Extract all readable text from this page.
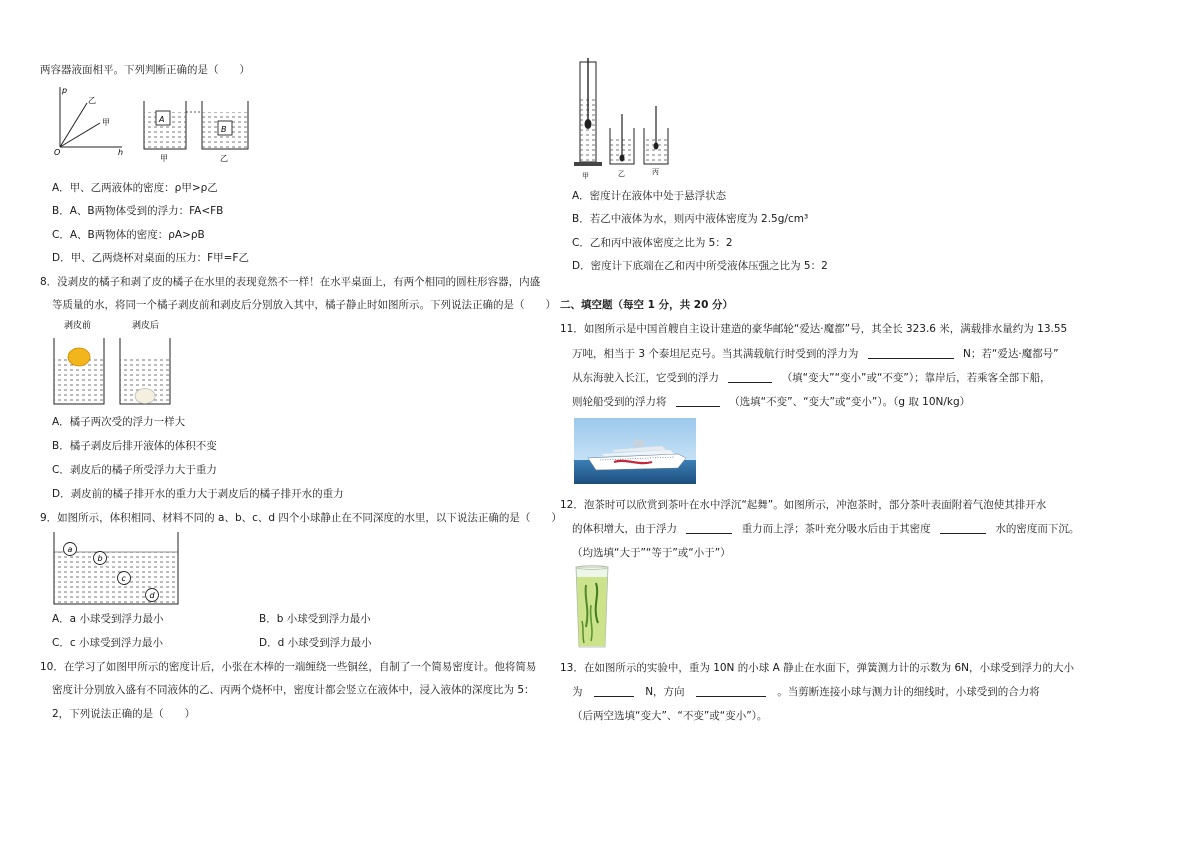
两容器液面相平。下列判断正确的是（　　）
p
O	h
乙
甲	A
甲
B
乙
A．甲、乙两液体的密度：ρ甲>ρ乙
B．A、B两物体受到的浮力：FA<FB
C．A、B两物体的密度：ρA>ρB
D．甲、乙两烧杯对桌面的压力：F甲=F乙
8．没剥皮的橘子和剥了皮的橘子在水里的表现竟然不一样！在水平桌面上，有两个相同的圆柱形容器，内盛
等质量的水，将同一个橘子剥皮前和剥皮后分别放入其中，橘子静止时如图所示。下列说法正确的是（　　）
剥皮前	剥皮后
A．橘子两次受的浮力一样大
B．橘子剥皮后排开液体的体积不变
C．剥皮后的橘子所受浮力大于重力
D．剥皮前的橘子排开水的重力大于剥皮后的橘子排开水的重力
9．如图所示，体积相同、材料不同的 a、b、c、d 四个小球静止在不同深度的水里，以下说法正确的是（　　）
a
b
c
d
A．a 小球受到浮力最小	B．b 小球受到浮力最小
C．c 小球受到浮力最小	D．d 小球受到浮力最小
10．在学习了如图甲所示的密度计后，小张在木棒的一端缠绕一些铜丝，自制了一个简易密度计。他将简易
密度计分别放入盛有不同液体的乙、丙两个烧杯中，密度计都会竖立在液体中，浸入液体的深度比为 5：
2，下列说法正确的是（　　）
甲	乙	丙
A．密度计在液体中处于悬浮状态
B．若乙中液体为水，则丙中液体密度为 2.5g/cm³
C．乙和丙中液体密度之比为 5：2
D．密度计下底端在乙和丙中所受液体压强之比为 5：2
二、填空题（每空 1 分，共 20 分）
11．如图所示是中国首艘自主设计建造的豪华邮轮“爱达·魔都”号，其全长 323.6 米，满载排水量约为 13.55
万吨，相当于 3 个泰坦尼克号。当其满载航行时受到的浮力为	N；若“爱达·魔都号”
从东海驶入长江，它受到的浮力	（填“变大”“变小”或“不变”）；靠岸后，若乘客全部下船，
则轮船受到的浮力将	（选填“不变”、“变大”或“变小”）。（g 取 10N/kg）
12．泡茶时可以欣赏到茶叶在水中浮沉“起舞”。如图所示，冲泡茶时，部分茶叶表面附着气泡使其排开水
的体积增大，由于浮力	重力而上浮；茶叶充分吸水后由于其密度	水的密度而下沉。
（均选填“大于”“等于”或“小于”）
13．在如图所示的实验中，重为 10N 的小球 A 静止在水面下，弹簧测力计的示数为 6N，小球受到浮力的大小
为	N，方向	。当剪断连接小球与测力计的细线时，小球受到的合力将
（后两空选填“变大”、“不变”或“变小”）。
